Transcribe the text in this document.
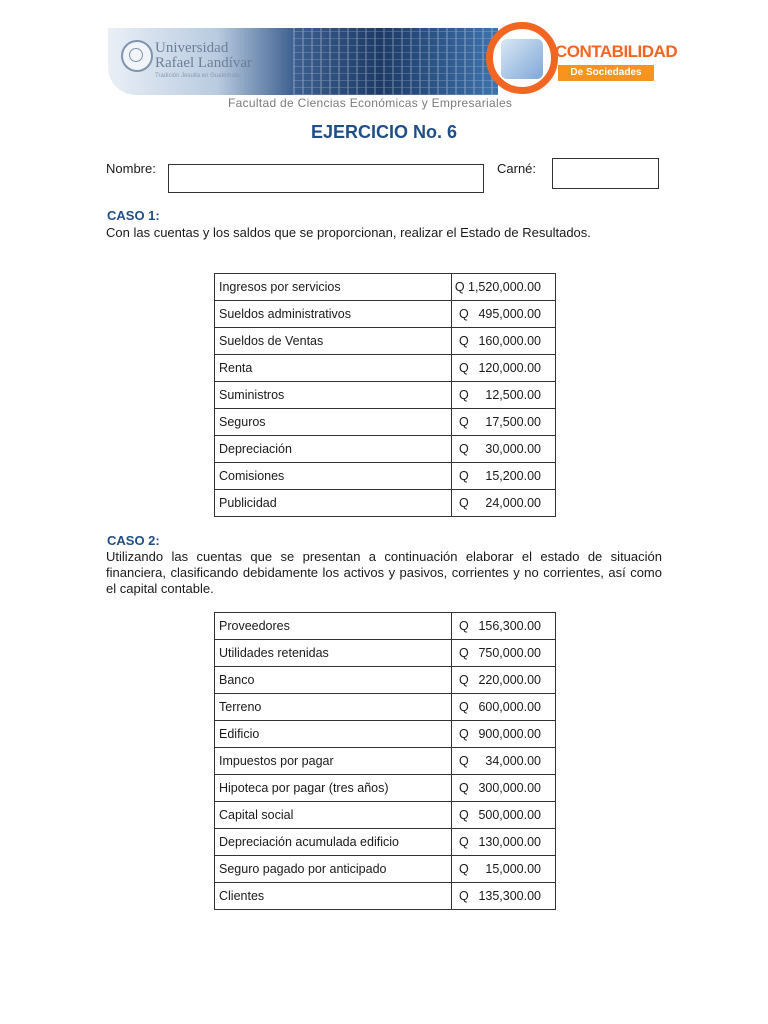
Universidad
Rafael Landívar
Tradición Jesuita en Guatemala
CONTABILIDAD
De Sociedades
Facultad de Ciencias Económicas y Empresariales
EJERCICIO No. 6
Nombre:	Carné:
CASO 1:
Con las cuentas y los saldos que se proporcionan, realizar el Estado de Resultados.
Ingresos por servicios	Q 1,520,000.00

Sueldos administrativos	Q 495,000.00

Sueldos de Ventas	Q 160,000.00

Renta	Q 120,000.00

Suministros	Q 12,500.00

Seguros	Q 17,500.00

Depreciación	Q 30,000.00

Comisiones	Q 15,200.00

Publicidad	Q 24,000.00
CASO 2:
Utilizando las cuentas que se presentan a continuación elaborar el estado de situación financiera, clasificando debidamente los activos y pasivos, corrientes y no corrientes, así como el capital contable.
Proveedores	Q 156,300.00

Utilidades retenidas	Q 750,000.00

Banco	Q 220,000.00

Terreno	Q 600,000.00

Edificio	Q 900,000.00

Impuestos por pagar	Q 34,000.00

Hipoteca por pagar (tres años)	Q 300,000.00

Capital social	Q 500,000.00

Depreciación acumulada edificio	Q 130,000.00

Seguro pagado por anticipado	Q 15,000.00

Clientes	Q 135,300.00
